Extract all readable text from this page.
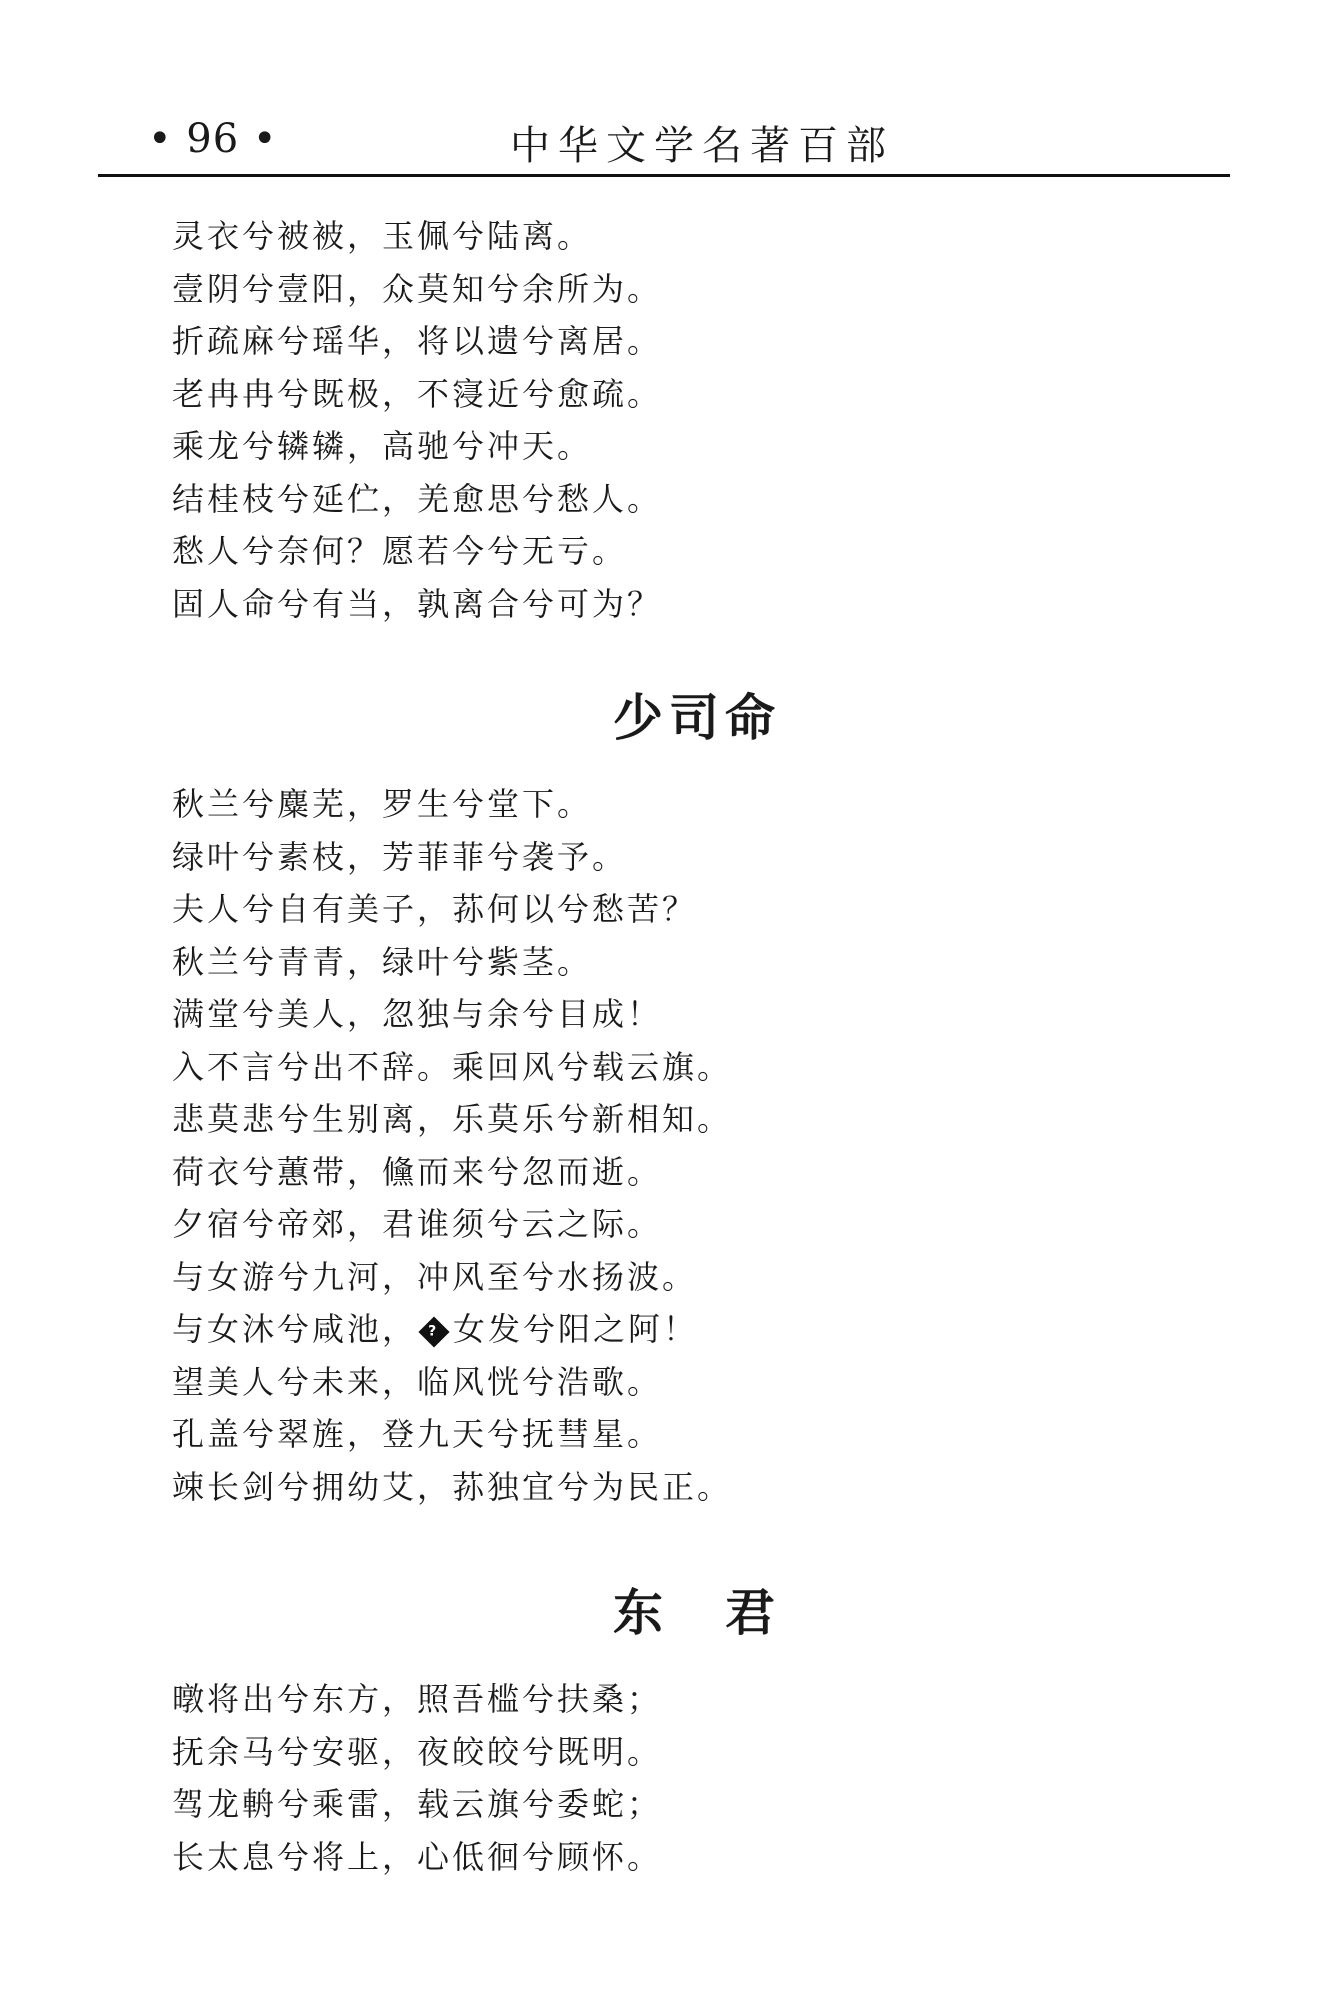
• 96 •	中华文学名著百部
灵衣兮被被，玉佩兮陆离。
壹阴兮壹阳，众莫知兮余所为。
折疏麻兮瑶华，将以遗兮离居。
老冉冉兮既极，不寖近兮愈疏。
乘龙兮辚辚，高驰兮冲天。
结桂枝兮延伫，羌愈思兮愁人。
愁人兮奈何？愿若今兮无亏。
固人命兮有当，孰离合兮可为？
少司命
秋兰兮麋芜，罗生兮堂下。
绿叶兮素枝，芳菲菲兮袭予。
夫人兮自有美子，荪何以兮愁苦？
秋兰兮青青，绿叶兮紫茎。
满堂兮美人，忽独与余兮目成！
入不言兮出不辞。乘回风兮载云旗。
悲莫悲兮生别离，乐莫乐兮新相知。
荷衣兮蕙带，儵而来兮忽而逝。
夕宿兮帝郊，君谁须兮云之际。
与女游兮九河，冲风至兮水扬波。
与女沐兮咸池， ? 女发兮阳之阿！
望美人兮未来，临风恍兮浩歌。
孔盖兮翠旌，登九天兮抚彗星。
竦长剑兮拥幼艾，荪独宜兮为民正。
东　君
暾将出兮东方，照吾槛兮扶桑；
抚余马兮安驱，夜皎皎兮既明。
驾龙輈兮乘雷，载云旗兮委蛇；
长太息兮将上，心低徊兮顾怀。
